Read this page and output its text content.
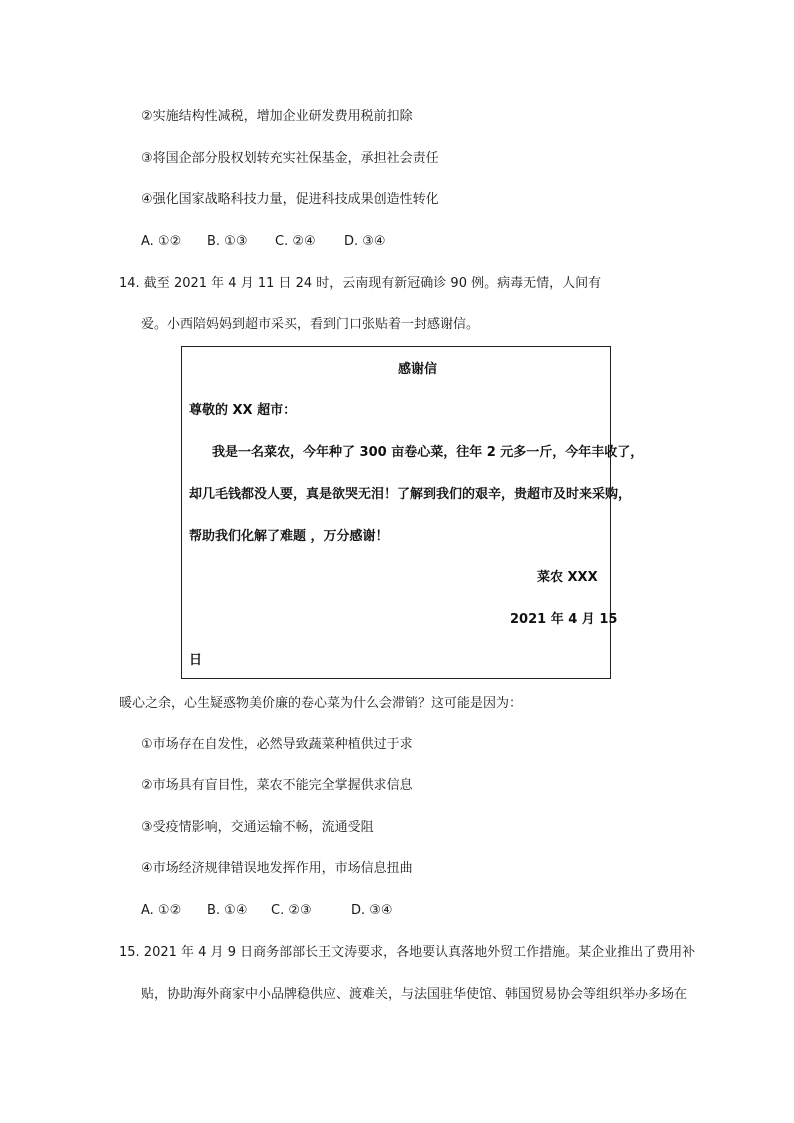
②实施结构性减税，增加企业研发费用税前扣除
③将国企部分股权划转充实社保基金，承担社会责任
④强化国家战略科技力量，促进科技成果创造性转化
A. ①② B. ①③ C. ②④ D. ③④
14. 截至 2021 年 4 月 11 日 24 时，云南现有新冠确诊 90 例。病毒无情，人间有
爱。小西陪妈妈到超市采买，看到门口张贴着一封感谢信。
感谢信
尊敬的 XX 超市：
我是一名菜农，今年种了 300 亩卷心菜，往年 2 元多一斤，今年丰收了，
却几毛钱都没人要，真是欲哭无泪！了解到我们的艰辛，贵超市及时来采购，
帮助我们化解了难题 ，万分感谢！
菜农 XXX
2021 年 4 月 15
日
暖心之余，心生疑惑物美价廉的卷心菜为什么会滞销？这可能是因为：
①市场存在自发性，必然导致蔬菜种植供过于求
②市场具有盲目性，菜农不能完全掌握供求信息
③受疫情影响，交通运输不畅，流通受阻
④市场经济规律错误地发挥作用，市场信息扭曲
A. ①② B. ①④ C. ②③	D. ③④
15. 2021 年 4 月 9 日商务部部长王文涛要求，各地要认真落地外贸工作措施。某企业推出了费用补
贴，协助海外商家中小品牌稳供应、渡难关，与法国驻华使馆、韩国贸易协会等组织举办多场在
